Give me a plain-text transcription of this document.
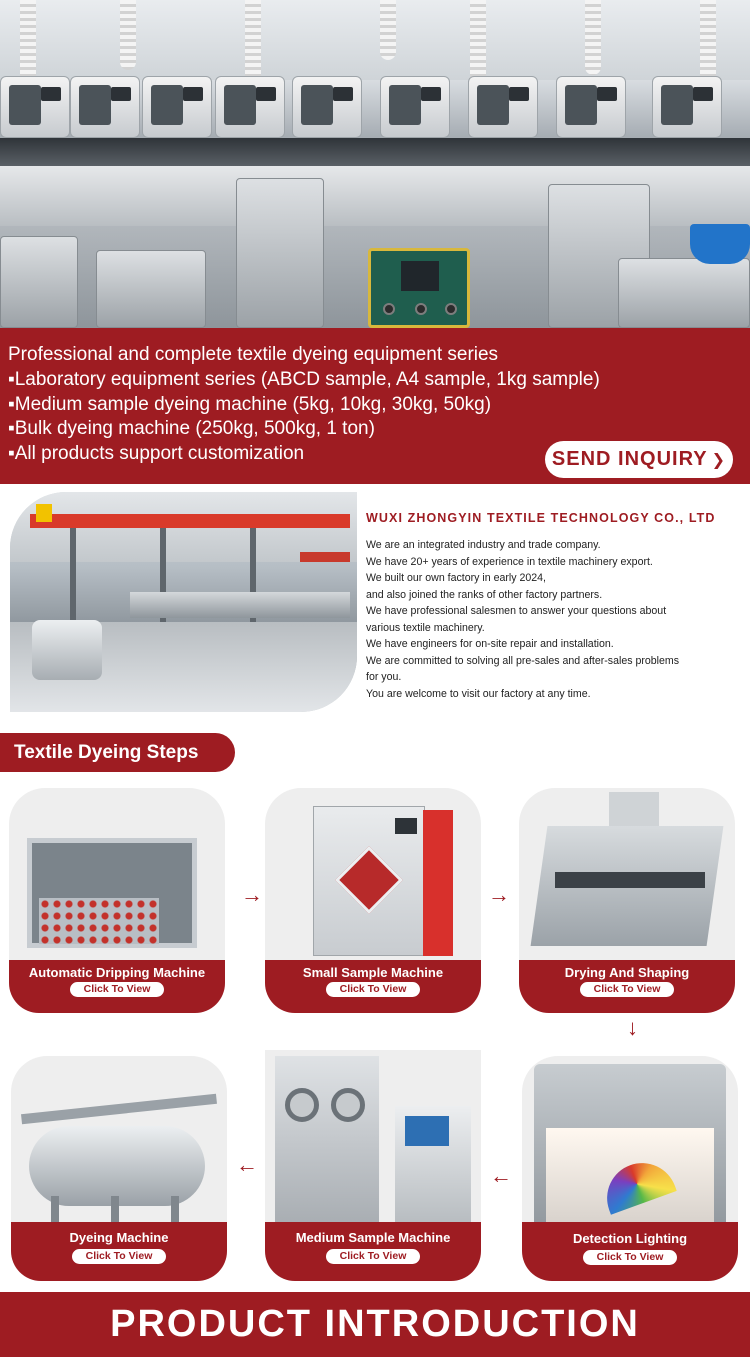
Professional and complete textile dyeing equipment series
▪Laboratory equipment series (ABCD sample, A4 sample, 1kg sample)
▪Medium sample dyeing machine (5kg, 10kg, 30kg, 50kg)
▪Bulk dyeing machine (250kg, 500kg, 1 ton)
▪All products support customization	SEND INQUIRY ❯
WUXI ZHONGYIN TEXTILE TECHNOLOGY CO., LTD
We are an integrated industry and trade company.
We have 20+ years of experience in textile machinery export.
We built our own factory in early 2024,
and also joined the ranks of other factory partners.
We have professional salesmen to answer your questions about
various textile machinery.
We have engineers for on-site repair and installation.
We are committed to solving all pre-sales and after-sales problems
for you.
You are welcome to visit our factory at any time.
Textile Dyeing Steps
Automatic Dripping Machine
Click To View
→
Small Sample Machine
Click To View
→
Drying And Shaping
Click To View
↓
Detection Lighting
Click To View
←
Medium Sample Machine
Click To View
←
Dyeing Machine
Click To View
PRODUCT INTRODUCTION
